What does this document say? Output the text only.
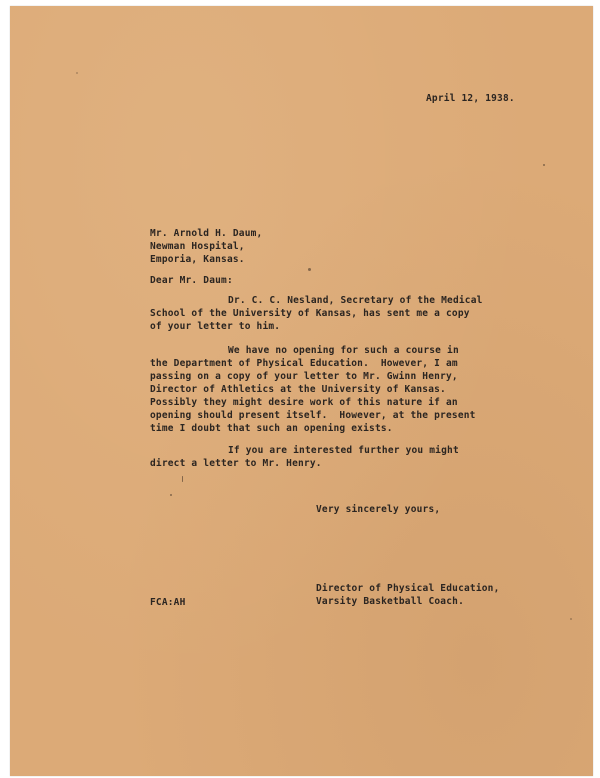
April 12, 1938.

Mr. Arnold H. Daum,

Newman Hospital,

Emporia, Kansas.

Dear Mr. Daum:

Dr. C. C. Nesland, Secretary of the Medical

School of the University of Kansas, has sent me a copy

of your letter to him.

We have no opening for such a course in

the Department of Physical Education.  However, I am

passing on a copy of your letter to Mr. Gwinn Henry,

Director of Athletics at the University of Kansas.

Possibly they might desire work of this nature if an

opening should present itself.  However, at the present

time I doubt that such an opening exists.

If you are interested further you might

direct a letter to Mr. Henry.

Very sincerely yours,

Director of Physical Education,

Varsity Basketball Coach.

FCA:AH
